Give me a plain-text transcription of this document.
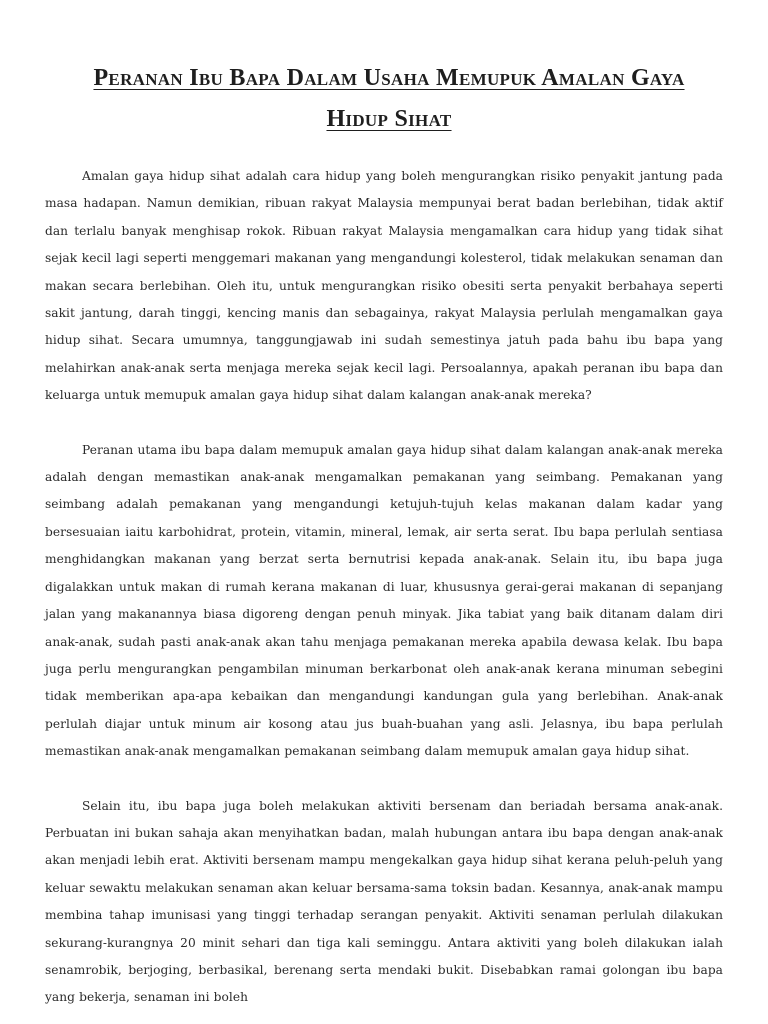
Peranan Ibu Bapa Dalam Usaha Memupuk Amalan Gaya
Hidup Sihat

Amalan gaya hidup sihat adalah cara hidup yang boleh mengurangkan risiko penyakit jantung pada masa hadapan. Namun demikian, ribuan rakyat Malaysia mempunyai berat badan berlebihan, tidak aktif dan terlalu banyak menghisap rokok. Ribuan rakyat Malaysia mengamalkan cara hidup yang tidak sihat sejak kecil lagi seperti menggemari makanan yang mengandungi kolesterol, tidak melakukan senaman dan makan secara berlebihan. Oleh itu, untuk mengurangkan risiko obesiti serta penyakit berbahaya seperti sakit jantung, darah tinggi, kencing manis dan sebagainya, rakyat Malaysia perlulah mengamalkan gaya hidup sihat. Secara umumnya, tanggungjawab ini sudah semestinya jatuh pada bahu ibu bapa yang melahirkan anak-anak serta menjaga mereka sejak kecil lagi. Persoalannya, apakah peranan ibu bapa dan keluarga untuk memupuk amalan gaya hidup sihat dalam kalangan anak-anak mereka?

Peranan utama ibu bapa dalam memupuk amalan gaya hidup sihat dalam kalangan anak-anak mereka adalah dengan memastikan anak-anak mengamalkan pemakanan yang seimbang. Pemakanan yang seimbang adalah pemakanan yang mengandungi ketujuh-tujuh kelas makanan dalam kadar yang bersesuaian iaitu karbohidrat, protein, vitamin, mineral, lemak, air serta serat. Ibu bapa perlulah sentiasa menghidangkan makanan yang berzat serta bernutrisi kepada anak-anak. Selain itu, ibu bapa juga digalakkan untuk makan di rumah kerana makanan di luar, khususnya gerai-gerai makanan di sepanjang jalan yang makanannya biasa digoreng dengan penuh minyak. Jika tabiat yang baik ditanam dalam diri anak-anak, sudah pasti anak-anak akan tahu menjaga pemakanan mereka apabila dewasa kelak. Ibu bapa juga perlu mengurangkan pengambilan minuman berkarbonat oleh anak-anak kerana minuman sebegini tidak memberikan apa-apa kebaikan dan mengandungi kandungan gula yang berlebihan. Anak-anak perlulah diajar untuk minum air kosong atau jus buah-buahan yang asli. Jelasnya, ibu bapa perlulah memastikan anak-anak mengamalkan pemakanan seimbang dalam memupuk amalan gaya hidup sihat.

Selain itu, ibu bapa juga boleh melakukan aktiviti bersenam dan beriadah bersama anak-anak. Perbuatan ini bukan sahaja akan menyihatkan badan, malah hubungan antara ibu bapa dengan anak-anak akan menjadi lebih erat. Aktiviti bersenam mampu mengekalkan gaya hidup sihat kerana peluh-peluh yang keluar sewaktu melakukan senaman akan keluar bersama-sama toksin badan. Kesannya, anak-anak mampu membina tahap imunisasi yang tinggi terhadap serangan penyakit. Aktiviti senaman perlulah dilakukan sekurang-kurangnya 20 minit sehari dan tiga kali seminggu. Antara aktiviti yang boleh dilakukan ialah senamrobik, berjoging, berbasikal, berenang serta mendaki bukit. Disebabkan ramai golongan ibu bapa yang bekerja, senaman ini boleh
